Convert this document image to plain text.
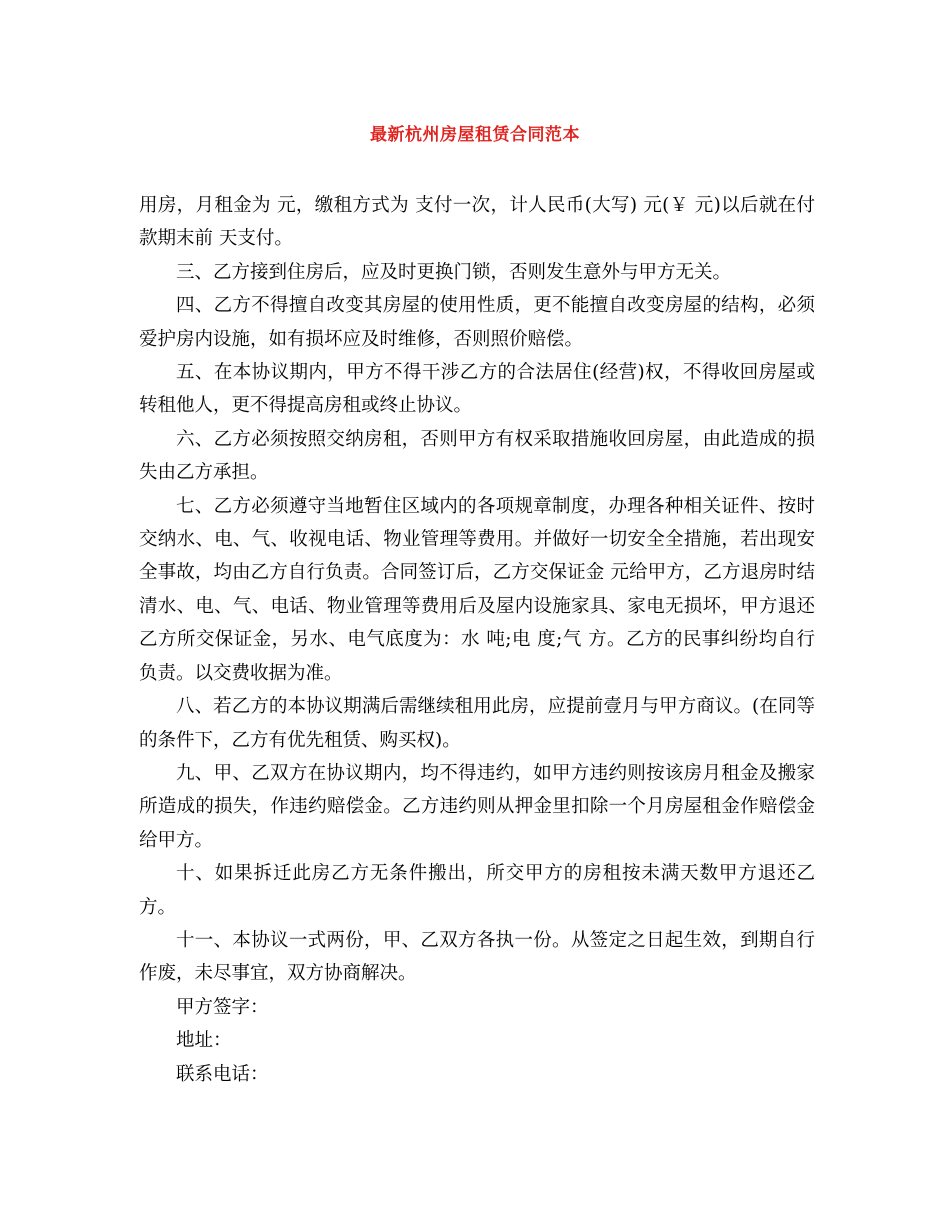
最新杭州房屋租赁合同范本

用房，月租金为 元，缴租方式为 支付一次，计人民币(大写) 元(￥ 元)以后就在付款期末前 天支付。

三、乙方接到住房后，应及时更换门锁，否则发生意外与甲方无关。

四、乙方不得擅自改变其房屋的使用性质，更不能擅自改变房屋的结构，必须爱护房内设施，如有损坏应及时维修，否则照价赔偿。

五、在本协议期内，甲方不得干涉乙方的合法居住(经营)权，不得收回房屋或转租他人，更不得提高房租或终止协议。

六、乙方必须按照交纳房租，否则甲方有权采取措施收回房屋，由此造成的损失由乙方承担。

七、乙方必须遵守当地暂住区域内的各项规章制度，办理各种相关证件、按时交纳水、电、气、收视电话、物业管理等费用。并做好一切安全全措施，若出现安全事故，均由乙方自行负责。合同签订后，乙方交保证金 元给甲方，乙方退房时结清水、电、气、电话、物业管理等费用后及屋内设施家具、家电无损坏，甲方退还乙方所交保证金，另水、电气底度为：水 吨;电 度;气 方。乙方的民事纠纷均自行负责。以交费收据为准。

八、若乙方的本协议期满后需继续租用此房，应提前壹月与甲方商议。(在同等的条件下，乙方有优先租赁、购买权)。

九、甲、乙双方在协议期内，均不得违约，如甲方违约则按该房月租金及搬家所造成的损失，作违约赔偿金。乙方违约则从押金里扣除一个月房屋租金作赔偿金给甲方。

十、如果拆迁此房乙方无条件搬出，所交甲方的房租按未满天数甲方退还乙方。

十一、本协议一式两份，甲、乙双方各执一份。从签定之日起生效，到期自行作废，未尽事宜，双方协商解决。

甲方签字：

地址：

联系电话：
